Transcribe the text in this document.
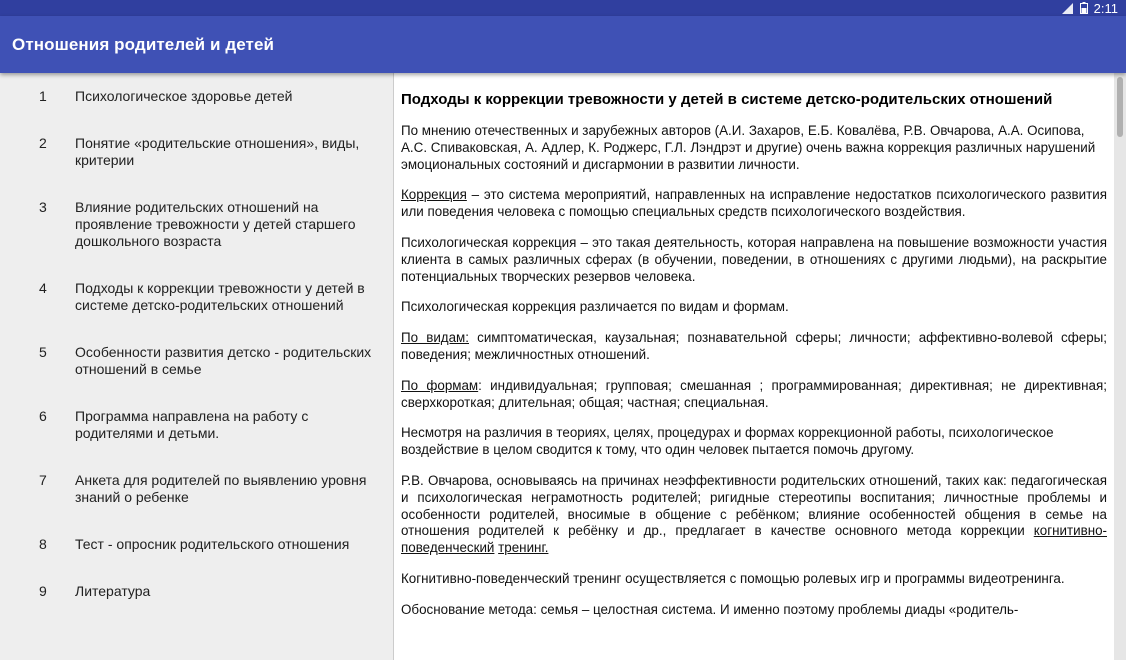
2:11
Отношения родителей и детей
1	Психологическое здоровье детей
2	Понятие «родительские отношения», виды, критерии
3	Влияние родительских отношений на проявление тревожности у детей старшего дошкольного возраста
4	Подходы к коррекции тревожности у детей в системе детско-родительских отношений
5	Особенности развития детско - родительских отношений в семье
6	Программа направлена на работу с родителями и детьми.
7	Анкета для родителей по выявлению уровня знаний о ребенке
8	Тест - опросник родительского отношения
9	Литература
Подходы к коррекции тревожности у детей в системе детско-родительских отношений

По мнению отечественных и зарубежных авторов (А.И. Захаров, Е.Б. Ковалёва, Р.В. Овчарова, А.А. Осипова, А.С. Спиваковская, А. Адлер, К. Роджерс, Г.Л. Лэндрэт и другие) очень важна коррекция различных нарушений эмоциональных состояний и дисгармонии в развитии личности.

Коррекция – это система мероприятий, направленных на исправление недостатков психологического развития или поведения человека с помощью специальных средств психологического воздействия.

Психологическая коррекция – это такая деятельность, которая направлена на повышение возможности участия клиента в самых различных сферах (в обучении, поведении, в отношениях с другими людьми), на раскрытие потенциальных творческих резервов человека.

Психологическая коррекция различается по видам и формам.

По видам: симптоматическая, каузальная; познавательной сферы; личности; аффективно-волевой сферы; поведения; межличностных отношений.

По формам: индивидуальная; групповая; смешанная ; программированная; директивная; не директивная; сверхкороткая; длительная; общая; частная; специальная.

Несмотря на различия в теориях, целях, процедурах и формах коррекционной работы, психологическое воздействие в целом сводится к тому, что один человек пытается помочь другому.

Р.В. Овчарова, основываясь на причинах неэффективности родительских отношений, таких как: педагогическая и психологическая неграмотность родителей; ригидные стереотипы воспитания; личностные проблемы и особенности родителей, вносимые в общение с ребёнком; влияние особенностей общения в семье на отношения родителей к ребёнку и др., предлагает в качестве основного метода коррекции когнитивно-поведенческий тренинг.

Когнитивно-поведенческий тренинг осуществляется с помощью ролевых игр и программы видеотренинга.

Обоснование метода: семья – целостная система. И именно поэтому проблемы диады «родитель-
